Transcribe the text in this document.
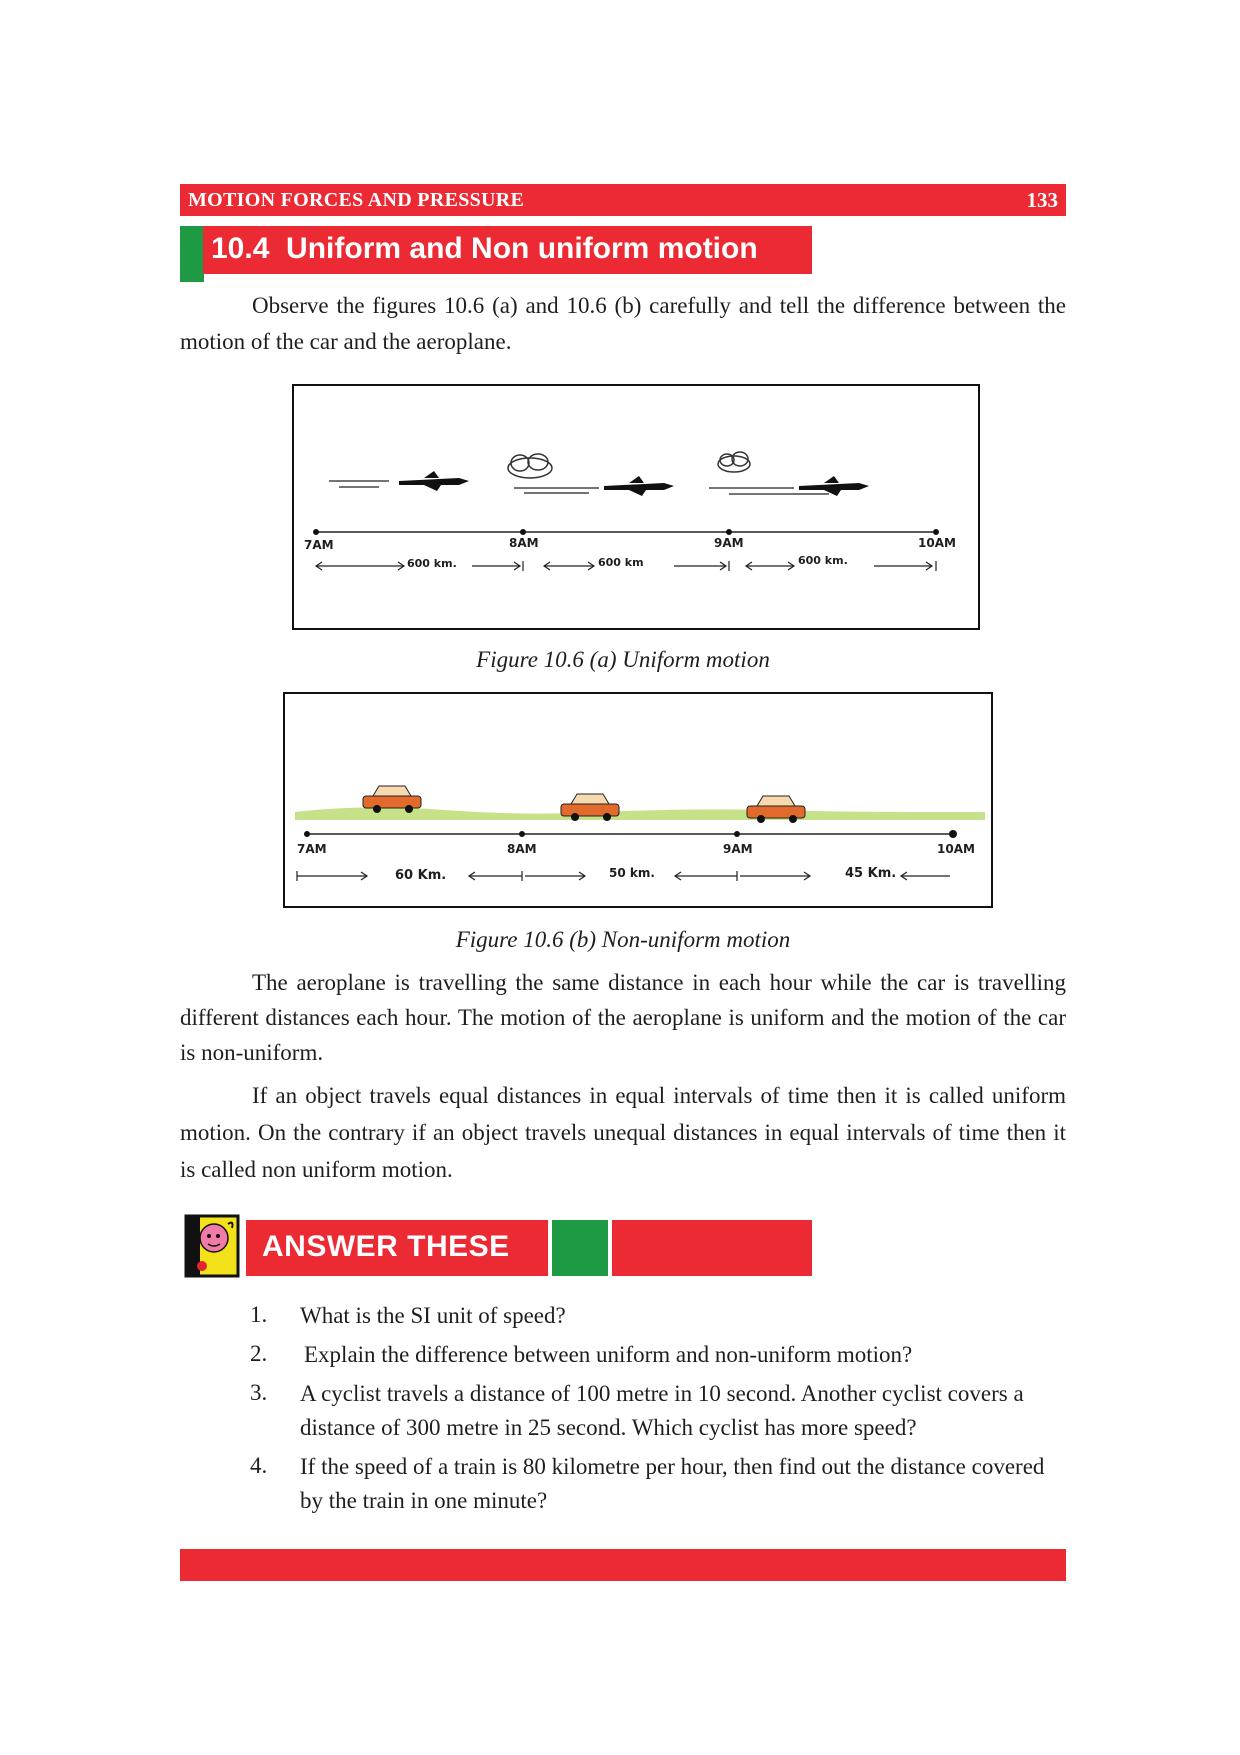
MOTION FORCES AND PRESSURE	133
10.4  Uniform and Non uniform motion
Observe the figures 10.6 (a) and 10.6 (b) carefully and tell the difference between the motion of the car and the aeroplane.
7AM	8AM	9AM	10AM
600 km.	600 km	600 km.
Figure 10.6 (a) Uniform motion
7AM	8AM	9AM	10AM
60 Km.	50 km.	45 Km.
Figure 10.6 (b) Non-uniform motion
The aeroplane is travelling the same distance in each hour while the car is travelling different distances each hour. The motion of the aeroplane is uniform and the motion of the car is non-uniform.
If an object travels equal distances in equal intervals of time then it is called uniform motion. On the contrary if an object travels unequal distances in equal intervals of time then it is called non uniform motion.
ANSWER THESE
1. What is the SI unit of speed?
2. Explain the difference between uniform and non-uniform motion?
3. A cyclist travels a distance of 100 metre in 10 second. Another cyclist covers a distance of 300 metre in 25 second. Which cyclist has more speed?
4. If the speed of a train is 80 kilometre per hour, then find out the distance covered by the train in one minute?
